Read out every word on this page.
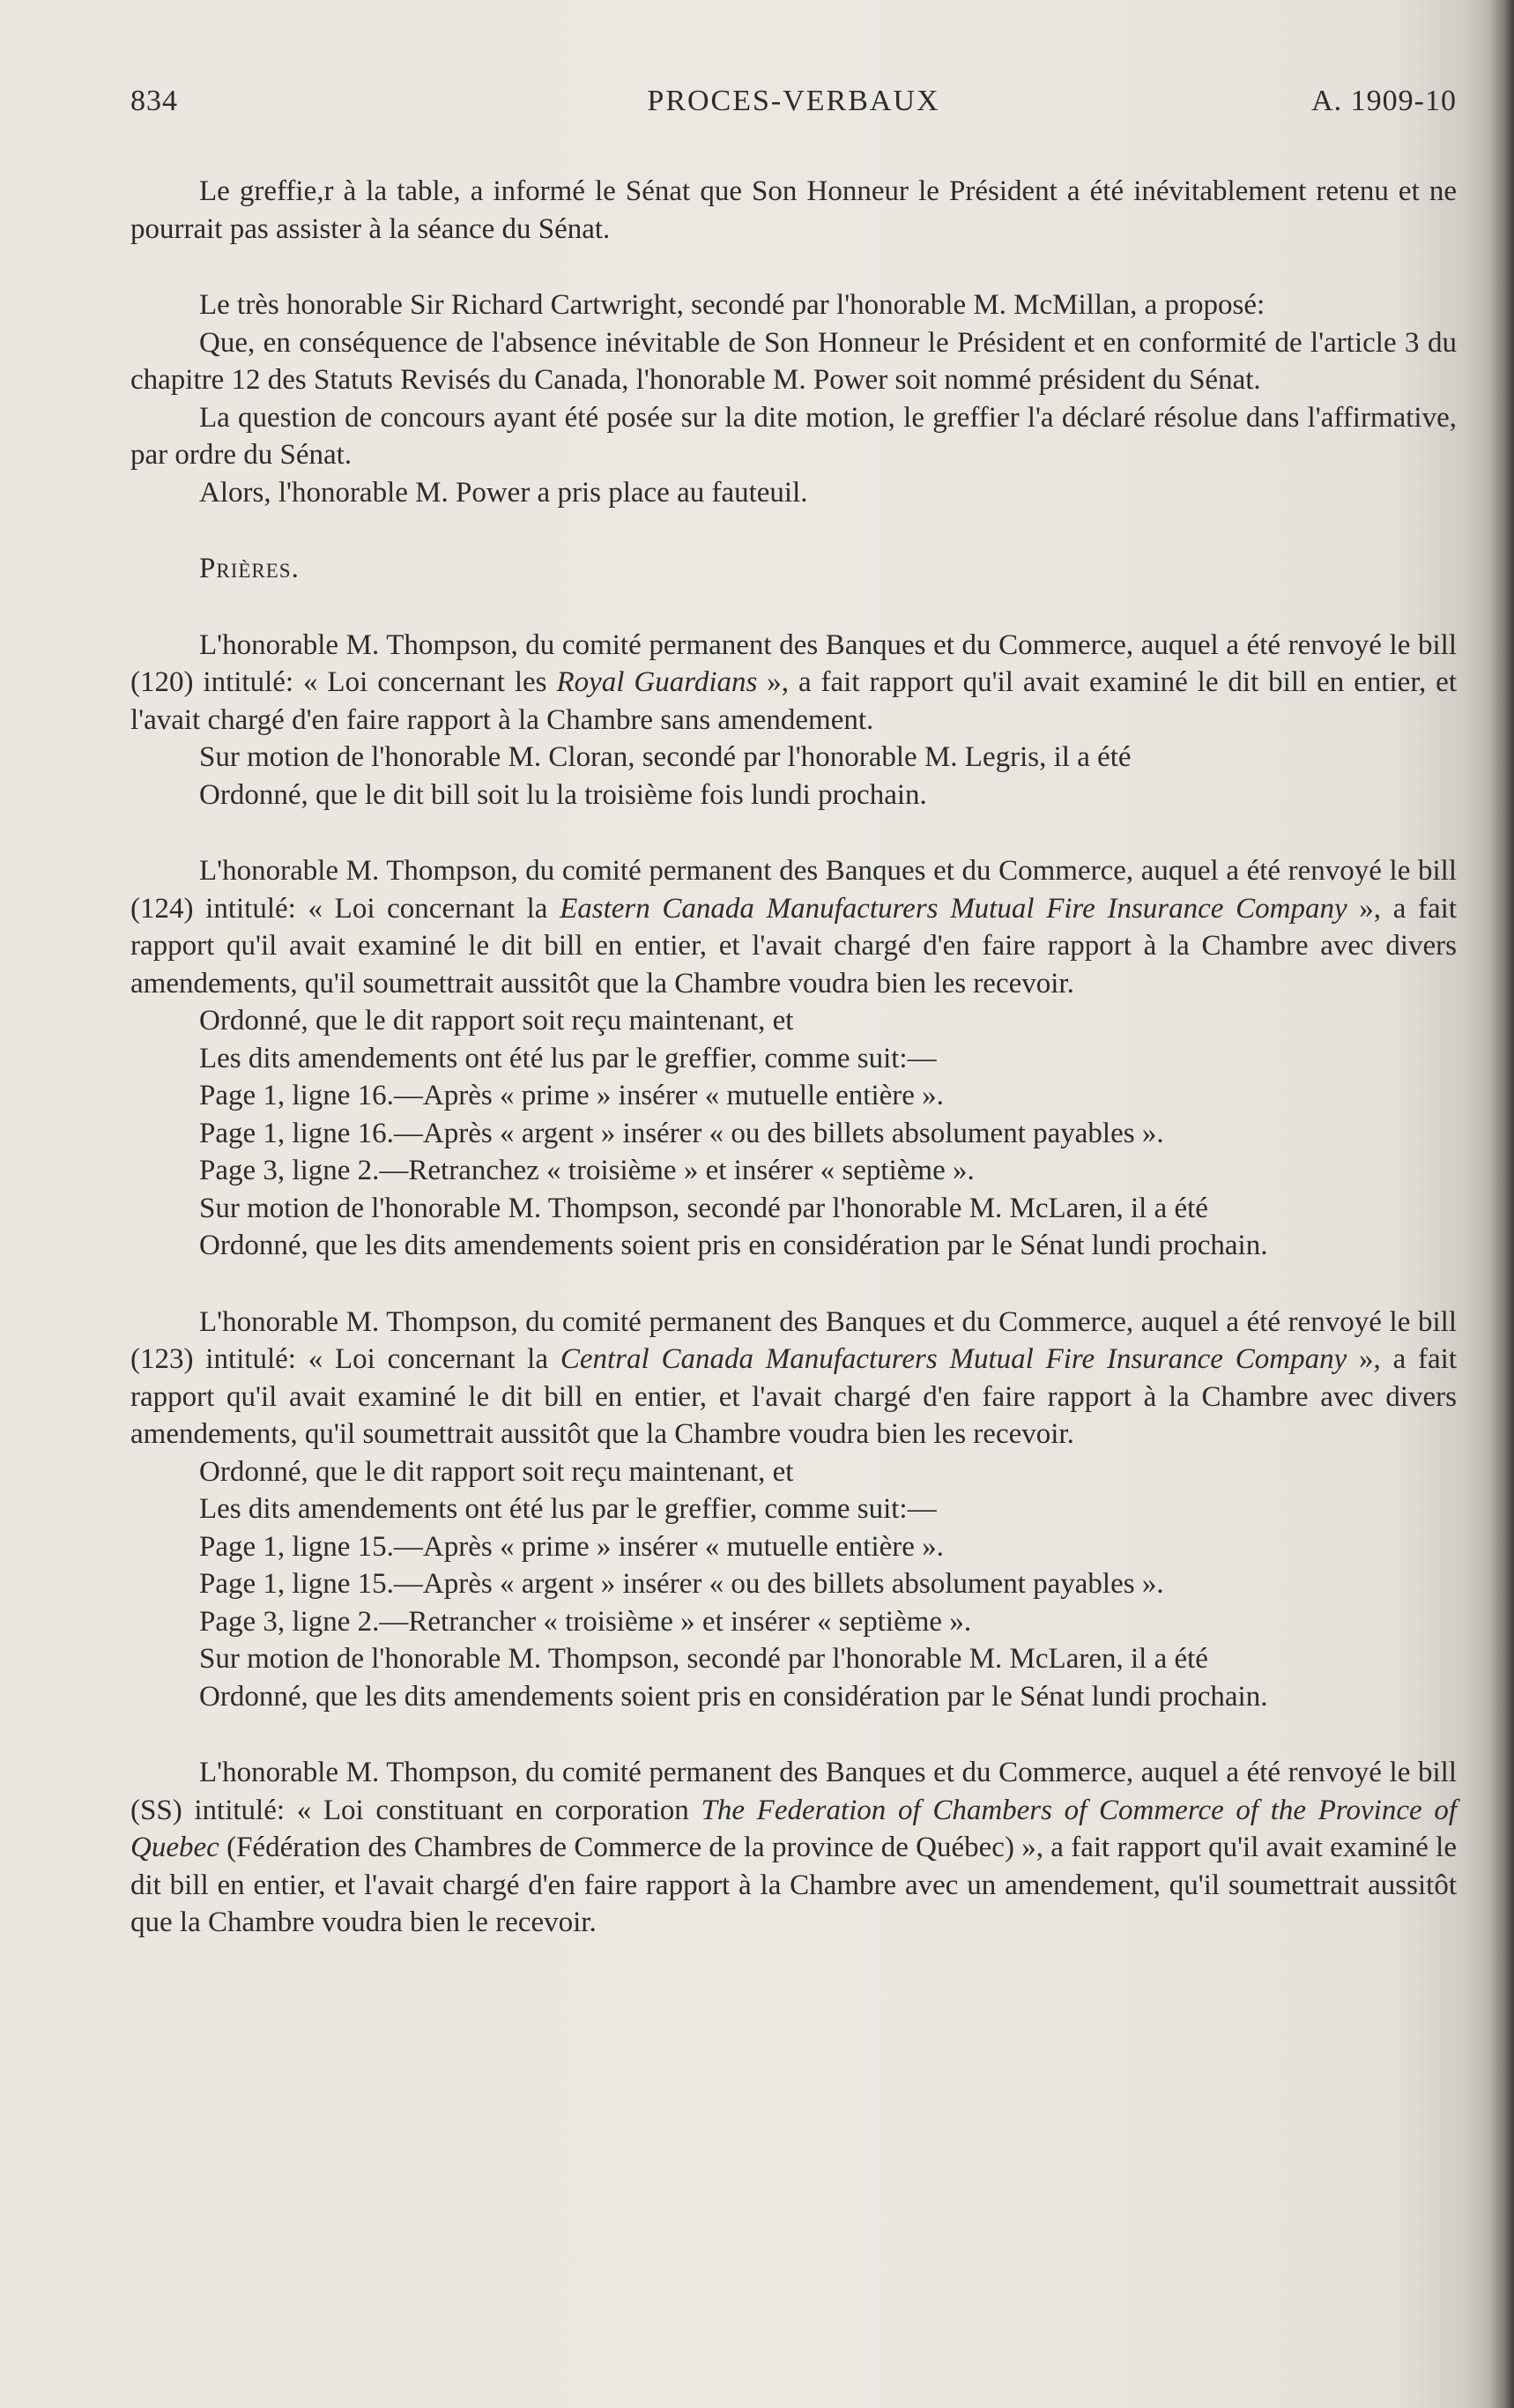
834	PROCES-VERBAUX	A. 1909-10

Le greffie,r à la table, a informé le Sénat que Son Honneur le Président a été inévitablement retenu et ne pourrait pas assister à la séance du Sénat.

Le très honorable Sir Richard Cartwright, secondé par l'honorable M. McMillan, a proposé:

Que, en conséquence de l'absence inévitable de Son Honneur le Président et en conformité de l'article 3 du chapitre 12 des Statuts Revisés du Canada, l'honorable M. Power soit nommé président du Sénat.

La question de concours ayant été posée sur la dite motion, le greffier l'a déclaré résolue dans l'affirmative, par ordre du Sénat.

Alors, l'honorable M. Power a pris place au fauteuil.

Prières.

L'honorable M. Thompson, du comité permanent des Banques et du Commerce, auquel a été renvoyé le bill (120) intitulé: « Loi concernant les Royal Guardians », a fait rapport qu'il avait examiné le dit bill en entier, et l'avait chargé d'en faire rapport à la Chambre sans amendement.

Sur motion de l'honorable M. Cloran, secondé par l'honorable M. Legris, il a été

Ordonné, que le dit bill soit lu la troisième fois lundi prochain.

L'honorable M. Thompson, du comité permanent des Banques et du Commerce, auquel a été renvoyé le bill (124) intitulé: « Loi concernant la Eastern Canada Manufacturers Mutual Fire Insurance Company », a fait rapport qu'il avait examiné le dit bill en entier, et l'avait chargé d'en faire rapport à la Chambre avec divers amendements, qu'il soumettrait aussitôt que la Chambre voudra bien les recevoir.

Ordonné, que le dit rapport soit reçu maintenant, et

Les dits amendements ont été lus par le greffier, comme suit:—

Page 1, ligne 16.—Après « prime » insérer « mutuelle entière ».

Page 1, ligne 16.—Après « argent » insérer « ou des billets absolument payables ».

Page 3, ligne 2.—Retranchez « troisième » et insérer « septième ».

Sur motion de l'honorable M. Thompson, secondé par l'honorable M. McLaren, il a été

Ordonné, que les dits amendements soient pris en considération par le Sénat lundi prochain.

L'honorable M. Thompson, du comité permanent des Banques et du Commerce, auquel a été renvoyé le bill (123) intitulé: « Loi concernant la Central Canada Manufacturers Mutual Fire Insurance Company », a fait rapport qu'il avait examiné le dit bill en entier, et l'avait chargé d'en faire rapport à la Chambre avec divers amendements, qu'il soumettrait aussitôt que la Chambre voudra bien les recevoir.

Ordonné, que le dit rapport soit reçu maintenant, et

Les dits amendements ont été lus par le greffier, comme suit:—

Page 1, ligne 15.—Après « prime » insérer « mutuelle entière ».

Page 1, ligne 15.—Après « argent » insérer « ou des billets absolument payables ».

Page 3, ligne 2.—Retrancher « troisième » et insérer « septième ».

Sur motion de l'honorable M. Thompson, secondé par l'honorable M. McLaren, il a été

Ordonné, que les dits amendements soient pris en considération par le Sénat lundi prochain.

L'honorable M. Thompson, du comité permanent des Banques et du Commerce, auquel a été renvoyé le bill (SS) intitulé: « Loi constituant en corporation The Federation of Chambers of Commerce of the Province of Quebec (Fédération des Chambres de Commerce de la province de Québec) », a fait rapport qu'il avait examiné le dit bill en entier, et l'avait chargé d'en faire rapport à la Chambre avec un amendement, qu'il soumettrait aussitôt que la Chambre voudra bien le recevoir.
